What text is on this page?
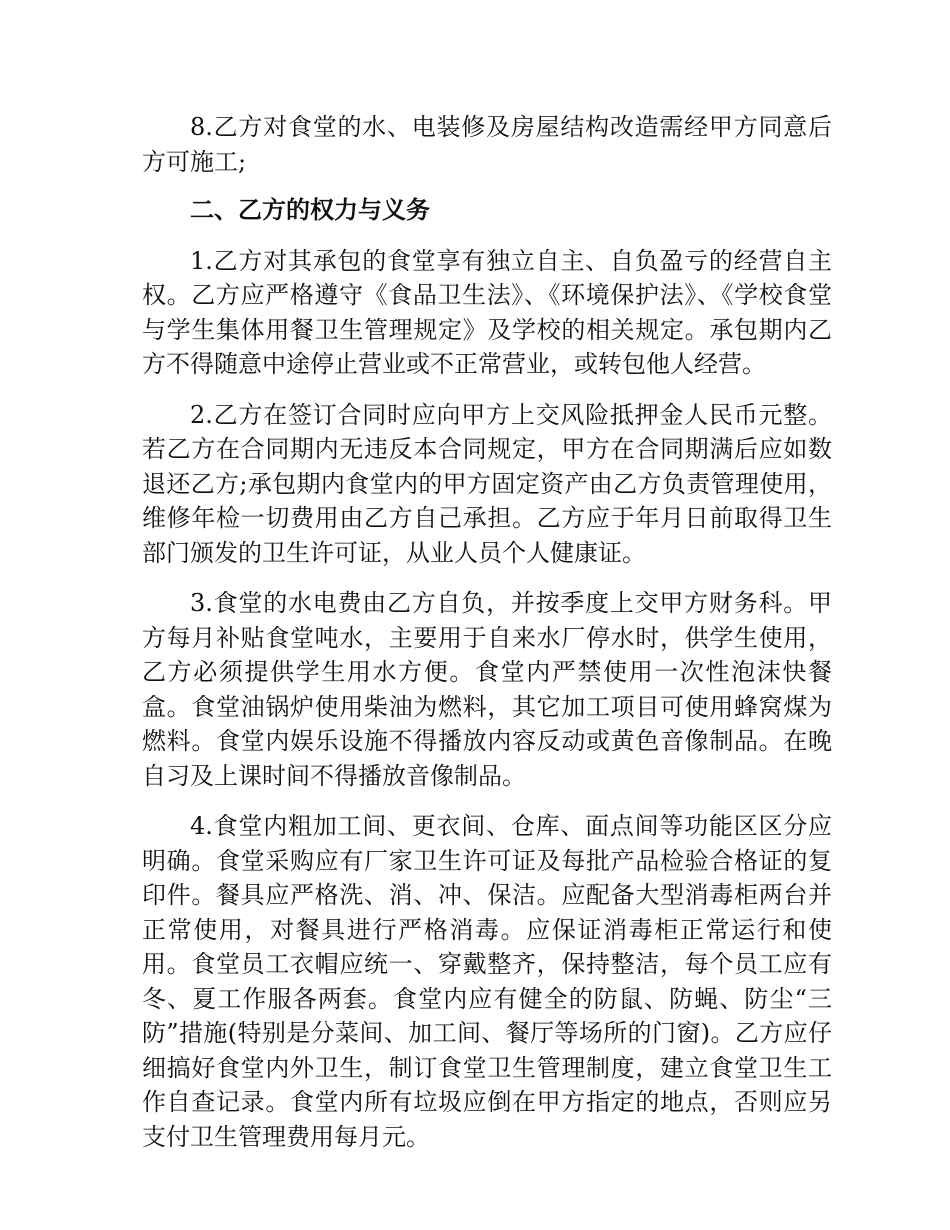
8.乙方对食堂的水、电装修及房屋结构改造需经甲方同意后方可施工;

二、乙方的权力与义务

1.乙方对其承包的食堂享有独立自主、自负盈亏的经营自主权。乙方应严格遵守《食品卫生法》、《环境保护法》、《学校食堂与学生集体用餐卫生管理规定》及学校的相关规定。承包期内乙方不得随意中途停止营业或不正常营业，或转包他人经营。

2.乙方在签订合同时应向甲方上交风险抵押金人民币元整。若乙方在合同期内无违反本合同规定，甲方在合同期满后应如数退还乙方;承包期内食堂内的甲方固定资产由乙方负责管理使用，维修年检一切费用由乙方自己承担。乙方应于年月日前取得卫生部门颁发的卫生许可证，从业人员个人健康证。

3.食堂的水电费由乙方自负，并按季度上交甲方财务科。甲方每月补贴食堂吨水，主要用于自来水厂停水时，供学生使用，乙方必须提供学生用水方便。食堂内严禁使用一次性泡沫快餐盒。食堂油锅炉使用柴油为燃料，其它加工项目可使用蜂窝煤为燃料。食堂内娱乐设施不得播放内容反动或黄色音像制品。在晚自习及上课时间不得播放音像制品。

4.食堂内粗加工间、更衣间、仓库、面点间等功能区区分应明确。食堂采购应有厂家卫生许可证及每批产品检验合格证的复印件。餐具应严格洗、消、冲、保洁。应配备大型消毒柜两台并正常使用，对餐具进行严格消毒。应保证消毒柜正常运行和使用。食堂员工衣帽应统一、穿戴整齐，保持整洁，每个员工应有冬、夏工作服各两套。食堂内应有健全的防鼠、防蝇、防尘“三防”措施(特别是分菜间、加工间、餐厅等场所的门窗)。乙方应仔细搞好食堂内外卫生，制订食堂卫生管理制度，建立食堂卫生工作自查记录。食堂内所有垃圾应倒在甲方指定的地点，否则应另支付卫生管理费用每月元。
